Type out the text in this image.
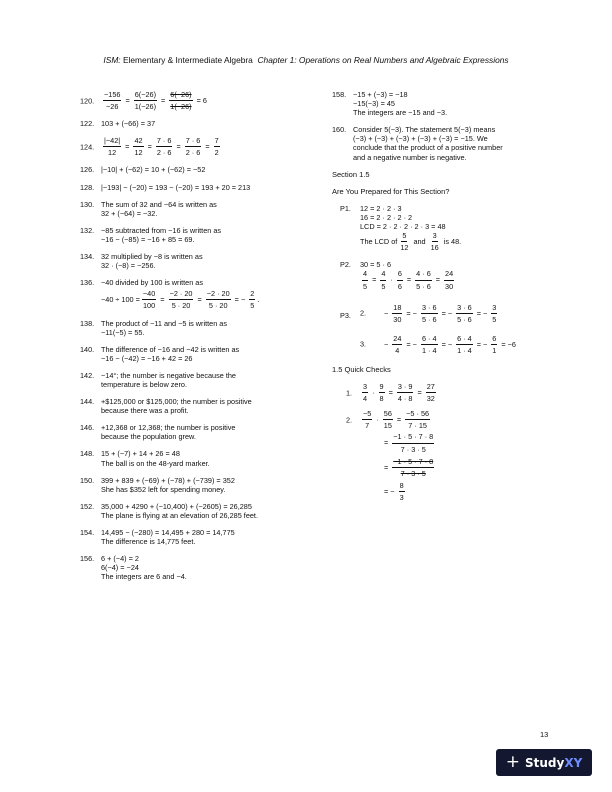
ISM: Elementary & Intermediate Algebra Chapter 1: Operations on Real Numbers and Algebraic Expressions
120. $\frac{-156}{-26} = \frac{6(-26)}{1(-26)} = \frac{6(-26)}{1(-26)} = 6$
122. 103 + (−66) = 37
124. $\frac{|-42|}{12} = \frac{42}{12} = \frac{7 \cdot 6}{2 \cdot 6} = \frac{7 \cdot 6}{2 \cdot 6} = \frac{7}{2}$
126. |−10| + (−62) = 10 + (−62) = −52
128. |−193| − (−20) = 193 − (−20) = 193 + 20 = 213
130. The sum of 32 and −64 is written as
32 + (−64) = −32.
132. −85 subtracted from −16 is written as
−16 − (−85) = −16 + 85 = 69.
134. 32 multiplied by −8 is written as
32 · (−8) = −256.
136. −40 divided by 100 is written as
$-40 \div 100 = \frac{-40}{100} = \frac{-2 \cdot 20}{5 \cdot 20} = \frac{-2 \cdot 20}{5 \cdot 20}$ = − $\frac{2}{5}$ .
138. The product of −11 and −5 is written as
−11(−5) = 55.
140. The difference of −16 and −42 is written as
−16 − (−42) = −16 + 42 = 26
142. −14°; the number is negative because the
temperature is below zero.
144. +$125,000 or $125,000; the number is positive
because there was a profit.
146. +12,368 or 12,368; the number is positive
because the population grew.
148. 15 + (−7) + 14 + 26 = 48
The ball is on the 48-yard marker.
150. 399 + 839 + (−69) + (−78) + (−739) = 352
She has $352 left for spending money.
152. 35,000 + 4290 + (−10,400) + (−2605) = 26,285
The plane is flying at an elevation of 26,285 feet.
154. 14,495 − (−280) = 14,495 + 280 = 14,775
The difference is 14,775 feet.
156. 6 + (−4) = 2
6(−4) = −24
The integers are 6 and −4.
158. −15 + (−3) = −18
−15(−3) = 45
The integers are −15 and −3.
160. Consider 5(−3). The statement 5(−3) means
(−3) + (−3) + (−3) + (−3) + (−3) = −15. We
conclude that the product of a positive number
and a negative number is negative.
Section 1.5
Are You Prepared for This Section?
P1. 12 = 2 · 2 · 3
16 = 2 · 2 · 2 · 2
LCD = 2 · 2 · 2 · 2 · 3 = 48
The LCD of
5
12
and
3
16
is 48.
P2. 30 = 5 · 6
$\frac{4}{5} = \frac{4}{5} \cdot \frac{6}{6} = \frac{4 \cdot 6}{5 \cdot 6} = \frac{24}{30}$
P3. 2. − $\frac{18}{30}$ = − $\frac{3 \cdot 6}{5 \cdot 6}$ = − $\frac{3 \cdot 6}{5 \cdot 6}$ = − $\frac{3}{5}$
3. − $\frac{24}{4}$ = − $\frac{6 \cdot 4}{1 \cdot 4}$ = − $\frac{6 \cdot 4}{1 \cdot 4}$ = − $\frac{6}{1} = -6$
1.5 Quick Checks
1.
3
4
· $\frac{9}{8} = \frac{3 \cdot 9}{4 \cdot 8} = \frac{27}{32}$
2.
−5
7
· $\frac{56}{15} = \frac{-5 \cdot 56}{7 \cdot 15}$
= $\frac{-1 \cdot 5 \cdot 7 \cdot 8}{7 \cdot 3 \cdot 5}$
= $\frac{-1 \cdot 5 \cdot 7 \cdot 8}{7 \cdot 3 \cdot 5}$
= − $\frac{8}{3}$
13
+ Study XY
